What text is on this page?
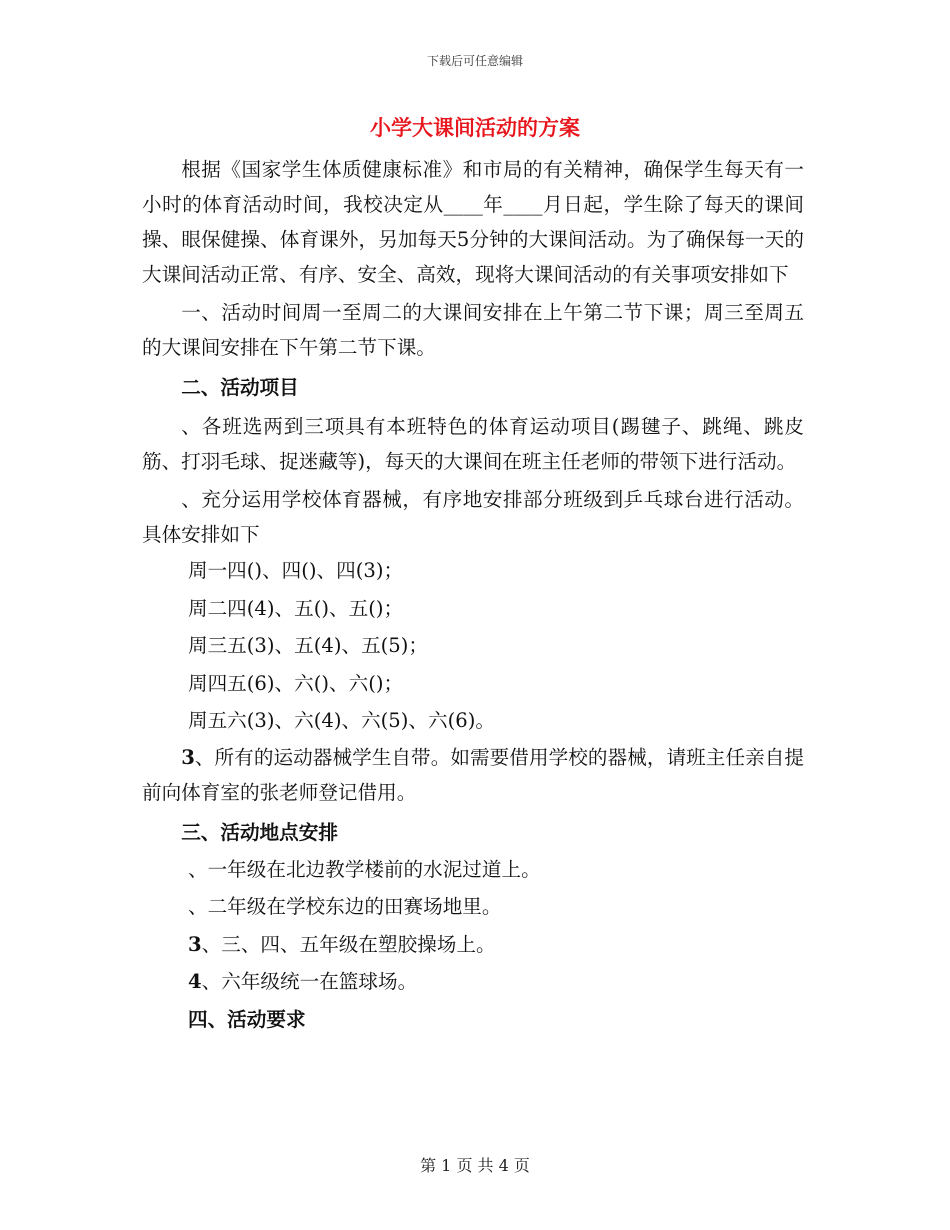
下载后可任意编辑
小学大课间活动的方案

根据《国家学生体质健康标准》和市局的有关精神，确保学生每天有一小时的体育活动时间，我校决定从____年____月日起，学生除了每天的课间操、眼保健操、体育课外，另加每天5分钟的大课间活动。为了确保每一天的大课间活动正常、有序、安全、高效，现将大课间活动的有关事项安排如下

一、活动时间周一至周二的大课间安排在上午第二节下课；周三至周五的大课间安排在下午第二节下课。

二、活动项目

、各班选两到三项具有本班特色的体育运动项目(踢毽子、跳绳、跳皮筋、打羽毛球、捉迷藏等)，每天的大课间在班主任老师的带领下进行活动。

、充分运用学校体育器械，有序地安排部分班级到乒乓球台进行活动。具体安排如下

周一四()、四()、四(3)；

周二四(4)、五()、五()；

周三五(3)、五(4)、五(5)；

周四五(6)、六()、六()；

周五六(3)、六(4)、六(5)、六(6)。

3、所有的运动器械学生自带。如需要借用学校的器械，请班主任亲自提前向体育室的张老师登记借用。

三、活动地点安排

、一年级在北边教学楼前的水泥过道上。

、二年级在学校东边的田赛场地里。

3、三、四、五年级在塑胶操场上。

4、六年级统一在篮球场。

四、活动要求

第 1 页 共 4 页
